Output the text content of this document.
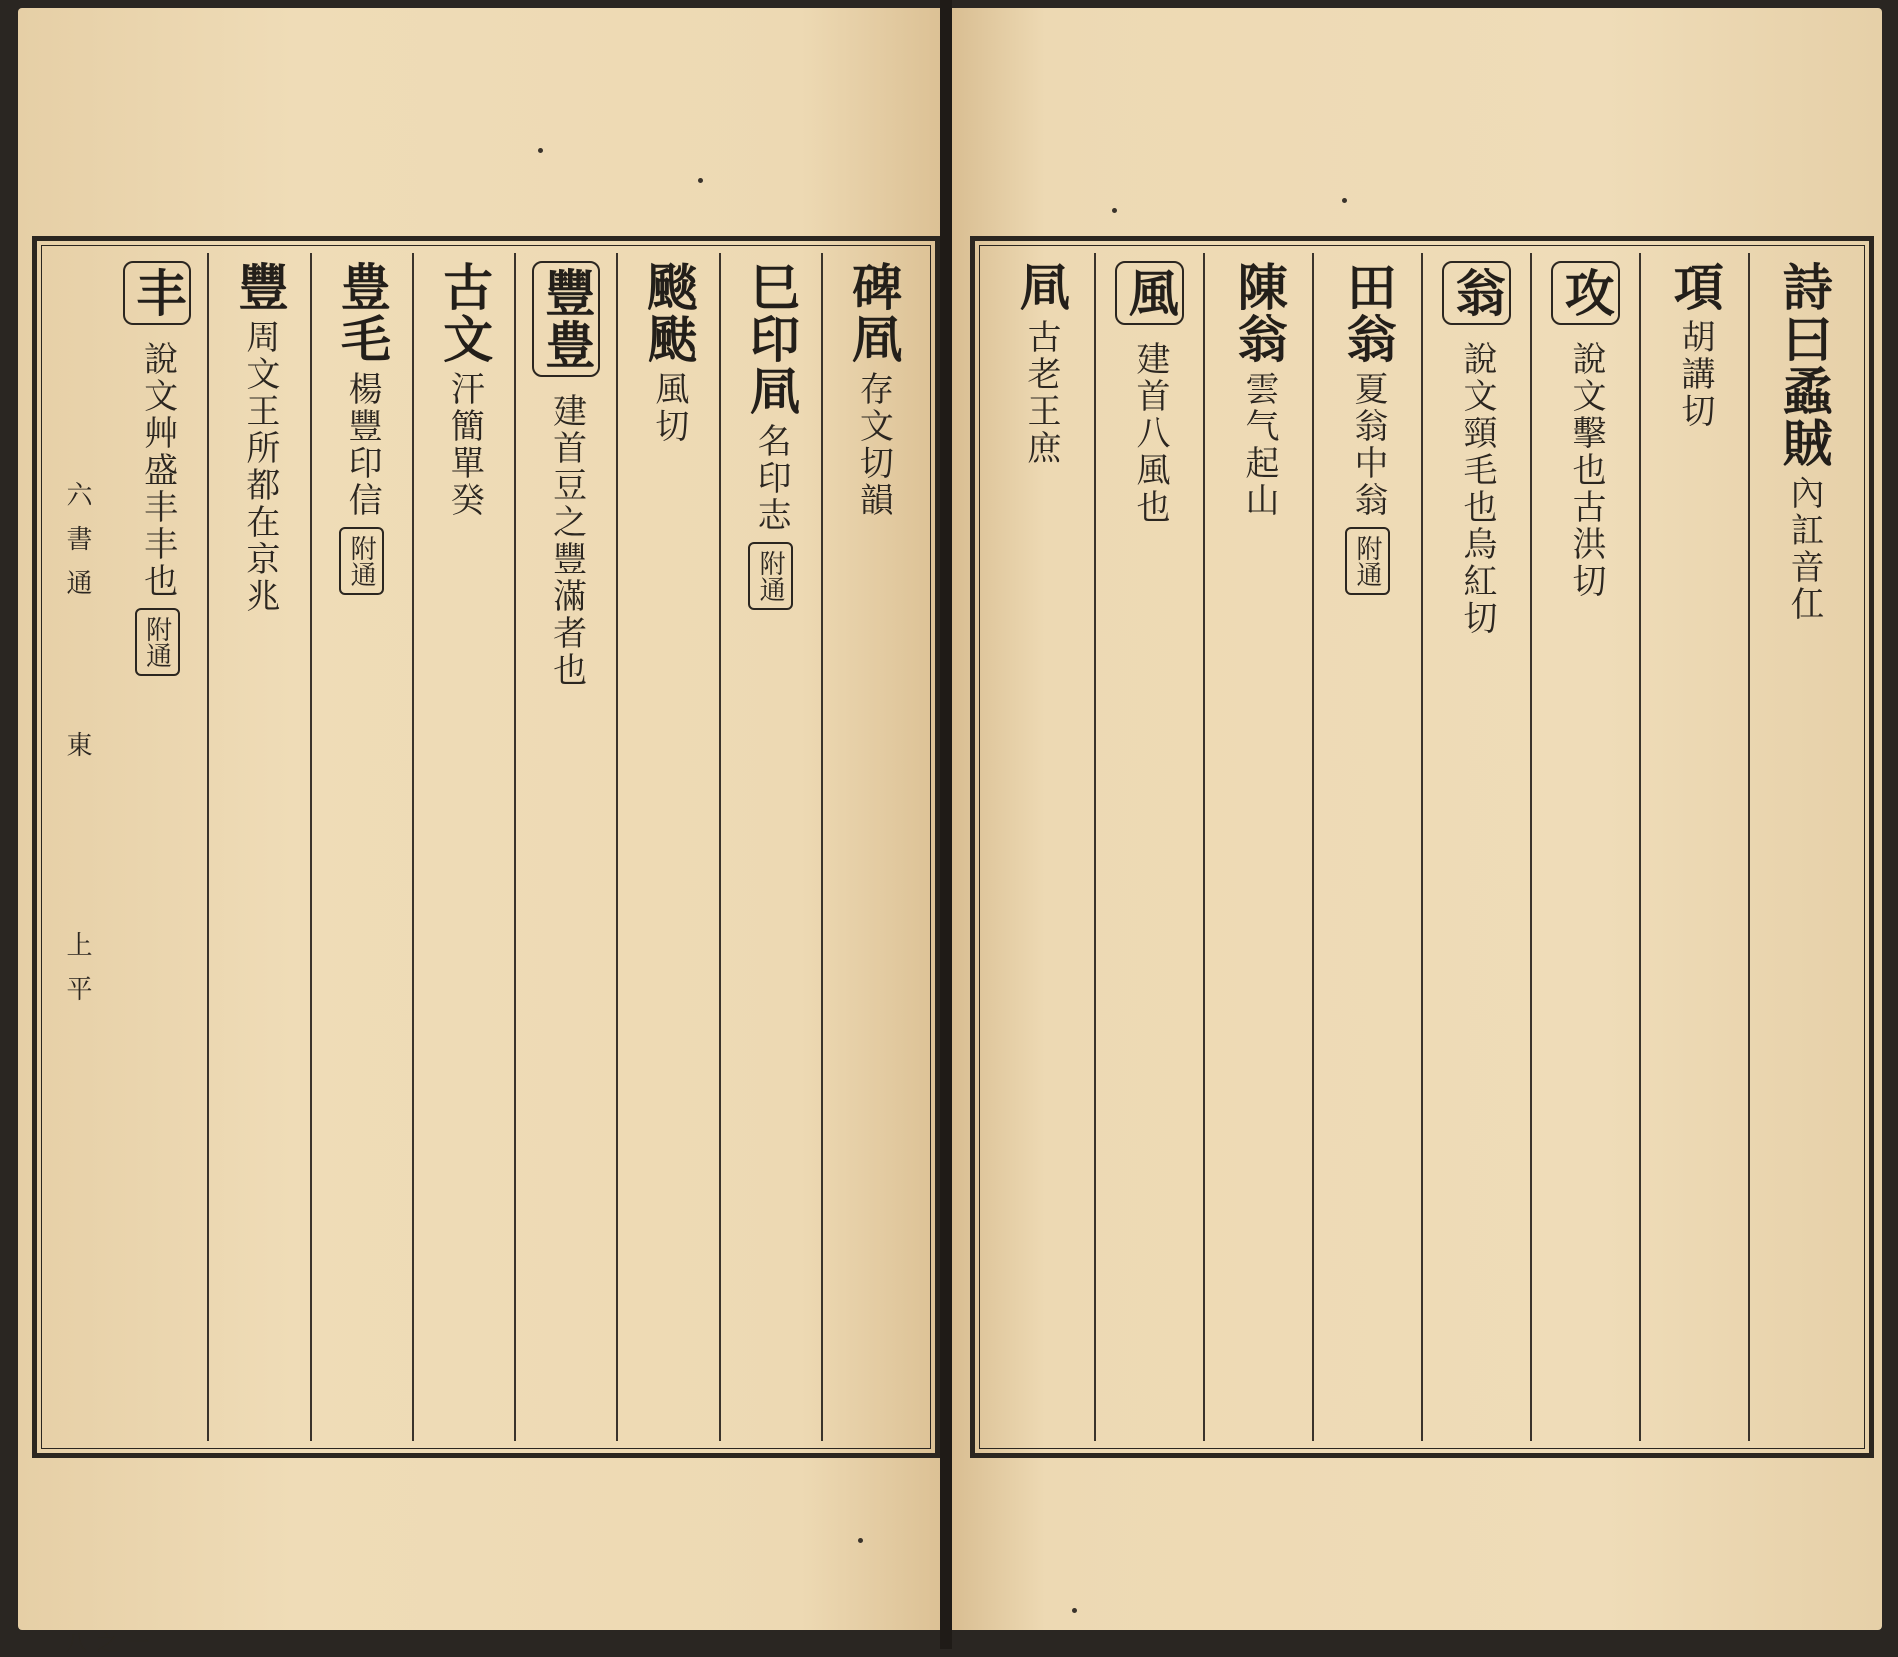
六書通
東
上平
一之八
碑凮
存文切韻
巳印凬
名印志
附通
颷颫
風切
豐豊
建首豆之豐滿者也
古文
汗簡單癸
豊毛
楊豐印信
附通
豐
周文王所都在京兆
丰
說文艸盛丰丰也
附通
詩曰蟊賊
內訌音仜
項
胡講切
攻
說文擊也古洪切
翁
說文頸毛也烏紅切
田翁
夏翁中翁
附通
陳翁
雲气起山
風
建首八風也
凬
古老王庶
